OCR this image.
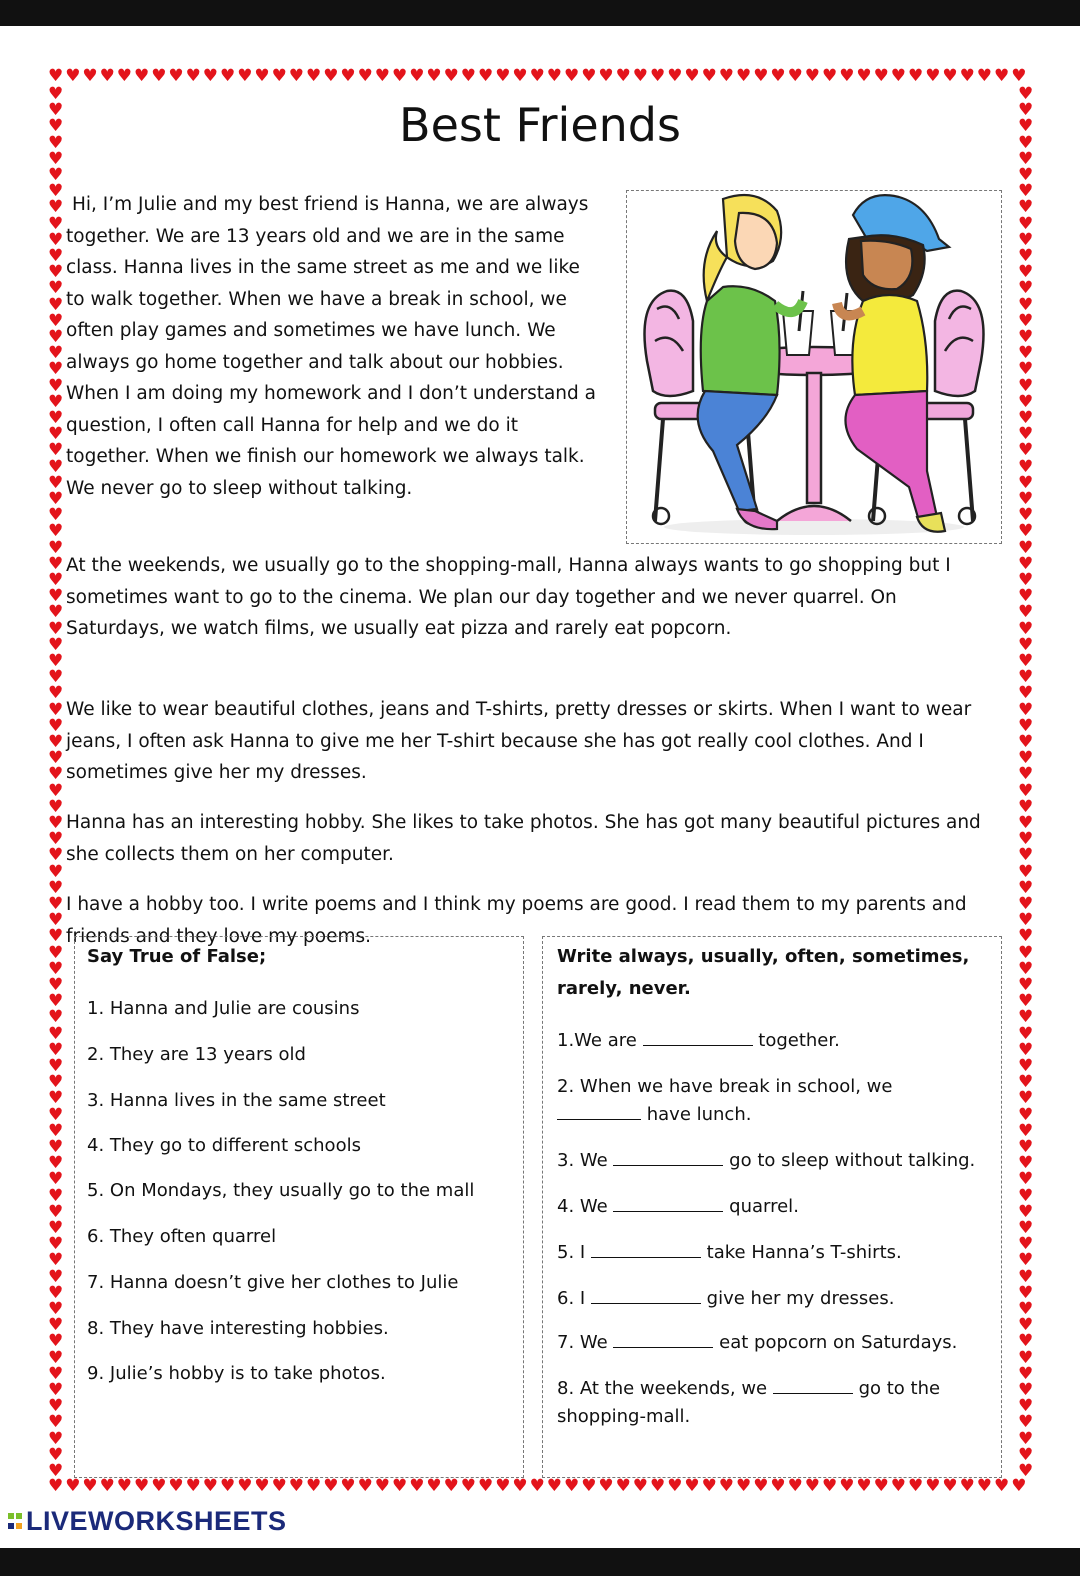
♥
♥
♥
♥
♥
♥
♥
♥
♥
♥
♥
♥
♥
♥
♥
♥
♥
♥
♥
♥
♥
♥
♥
♥
♥
♥
♥
♥
♥
♥
♥
♥
♥
♥
♥
♥
♥
♥
♥
♥
♥
♥
♥
♥
♥
♥
♥
♥
♥
♥
♥
♥
♥
♥
♥
♥
♥
♥
♥
♥
♥
♥
♥
♥
♥
♥
♥
♥
♥
♥
♥
♥
♥
♥
♥
♥
♥
♥
♥
♥
♥
♥
♥
♥
♥
♥
♥
♥
♥
♥
♥
♥
♥
♥
♥
♥
♥
♥
♥
♥
♥
♥
♥
♥
♥
♥
♥
♥
♥
♥
♥
♥
♥
♥
♥	♥
♥	♥
♥	♥
♥	♥
♥	♥
♥	♥
♥	♥
♥	♥
♥	♥
♥	♥
♥	♥
♥	♥
♥	♥
♥	♥
♥	♥
♥	♥
♥	♥
♥	♥
♥	♥
♥	♥
♥	♥
♥	♥
♥	♥
♥	♥
♥	♥
♥	♥
♥	♥
♥	♥
♥	♥
♥	♥
♥	♥
♥	♥
♥	♥
♥	♥
♥	♥
♥	♥
♥	♥
♥	♥
♥	♥
♥	♥
♥	♥
♥	♥
♥	♥
♥	♥
♥	♥
♥	♥
♥	♥
♥	♥
♥	♥
♥	♥
♥	♥
♥	♥
♥	♥
♥	♥
♥	♥
♥	♥
♥	♥
♥	♥
♥	♥
♥	♥
♥	♥
♥	♥
♥	♥
♥	♥
♥	♥
♥	♥
♥	♥
♥	♥
♥	♥
♥	♥
♥	♥
♥	♥
♥	♥
♥	♥
♥	♥
♥	♥
♥	♥
♥	♥
♥	♥
♥	♥
♥	♥
♥	♥
♥	♥
♥	♥
♥	♥
♥	♥
Best Friends

Hi, I’m Julie and my best friend is Hanna, we are always together. We are 13 years old and we are in the same class. Hanna lives in the same street as me and we like to walk together. When we have a break in school, we often play games and sometimes we have lunch. We always go home together and talk about our hobbies. When I am doing my homework and I don’t understand a question, I often call Hanna for help and we do it together. When we finish our homework we always talk. We never go to sleep without talking.

At the weekends, we usually go to the shopping-mall, Hanna always wants to go shopping but I sometimes want to go to the cinema. We plan our day together and we never quarrel. On Saturdays, we watch films, we usually eat pizza and rarely eat popcorn.

We like to wear beautiful clothes, jeans and T-shirts, pretty dresses or skirts. When I want to wear jeans, I often ask Hanna to give me her T-shirt because she has got really cool clothes. And I sometimes give her my dresses.

Hanna has an interesting hobby. She likes to take photos. She has got many beautiful pictures and she collects them on her computer.

I have a hobby too. I write poems and I think my poems are good. I read them to my parents and friends and they love my poems.

Say True of False;
1. Hanna and Julie are cousins
2. They are 13 years old
3. Hanna lives in the same street
4. They go to different schools
5. On Mondays, they usually go to the mall
6. They often quarrel
7. Hanna doesn’t give her clothes to Julie
8. They have interesting hobbies.
9. Julie’s hobby is to take photos.
Write always, usually, often, sometimes,
rarely, never.
1.We are	together.
2. When we have break in school, we
have lunch.
3. We	go to sleep without talking.
4. We	quarrel.
5. I	take Hanna’s T-shirts.
6. I	give her my dresses.
7. We	eat popcorn on Saturdays.
8. At the weekends, we	go to the
shopping-mall.
LIVEWORKSHEETS
